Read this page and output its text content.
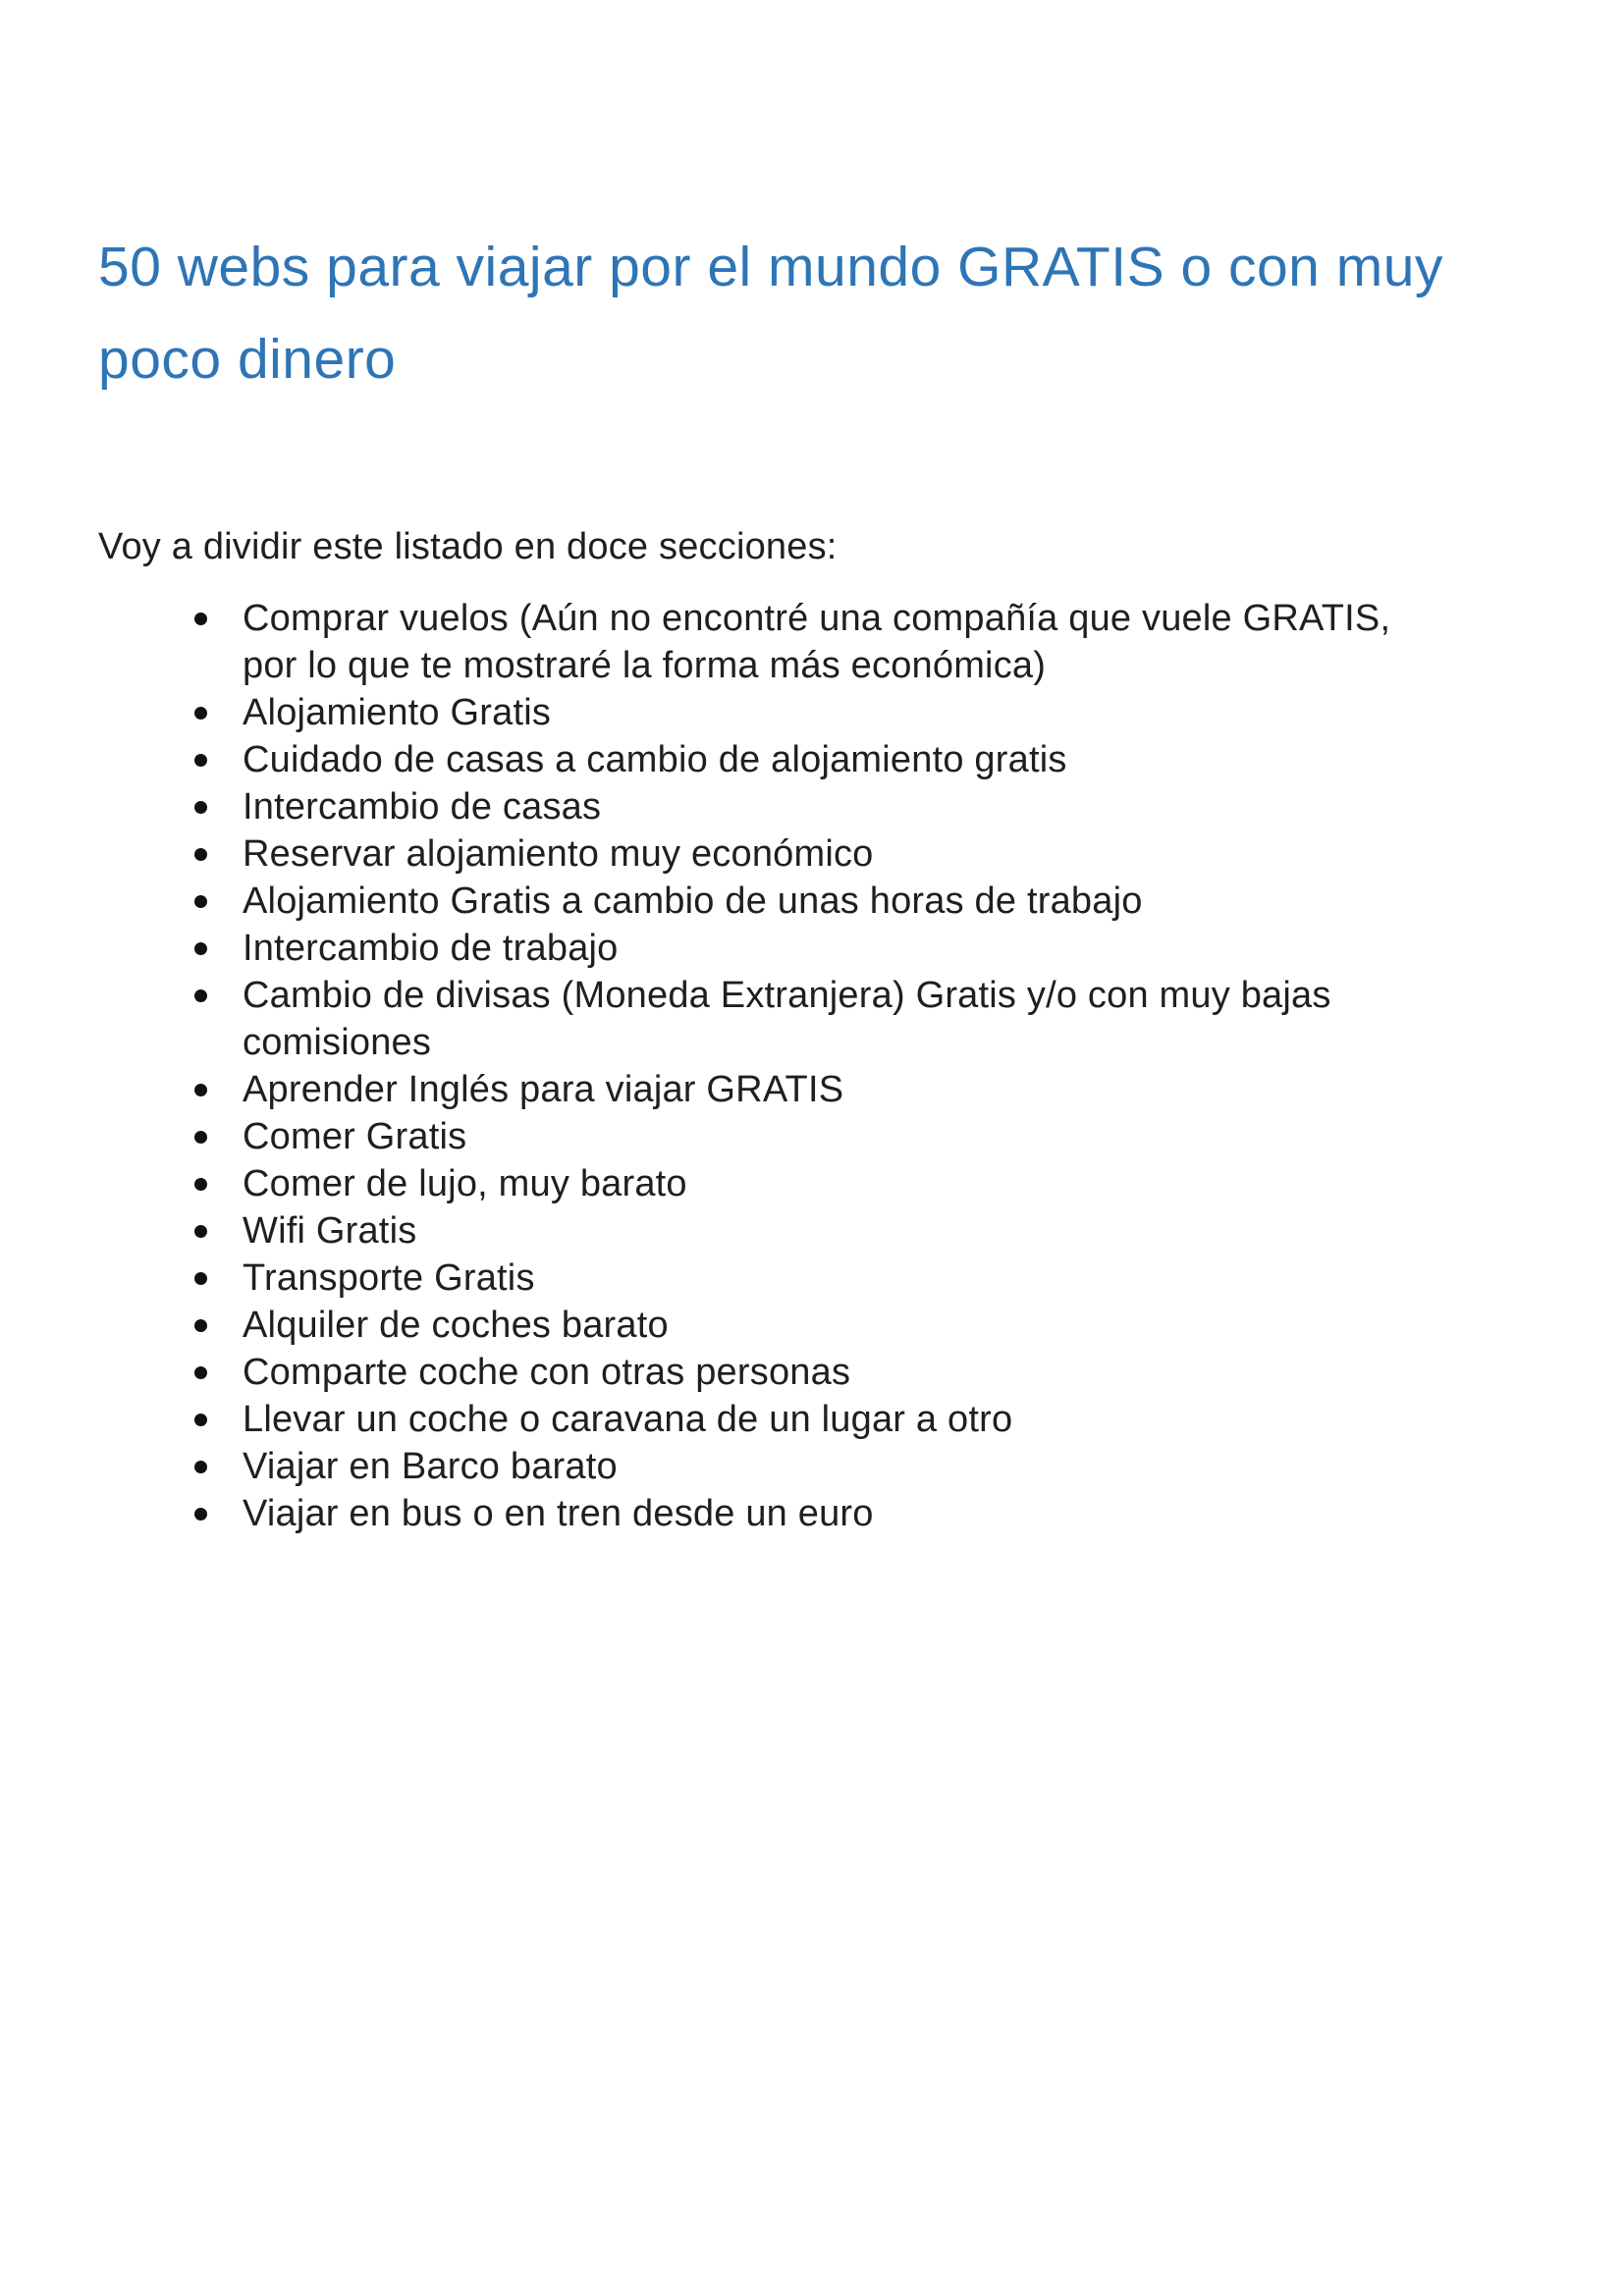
50 webs para viajar por el mundo GRATIS o con muy poco dinero

Voy a dividir este listado en doce secciones:

Comprar vuelos (Aún no encontré una compañía que vuele GRATIS, por lo que te mostraré la forma más económica)
Alojamiento Gratis
Cuidado de casas a cambio de alojamiento gratis
Intercambio de casas
Reservar alojamiento muy económico
Alojamiento Gratis a cambio de unas horas de trabajo
Intercambio de trabajo
Cambio de divisas (Moneda Extranjera) Gratis y/o con muy bajas comisiones
Aprender Inglés para viajar GRATIS
Comer Gratis
Comer de lujo, muy barato
Wifi Gratis
Transporte Gratis
Alquiler de coches barato
Comparte coche con otras personas
Llevar un coche o caravana de un lugar a otro
Viajar en Barco barato
Viajar en bus o en tren desde un euro
